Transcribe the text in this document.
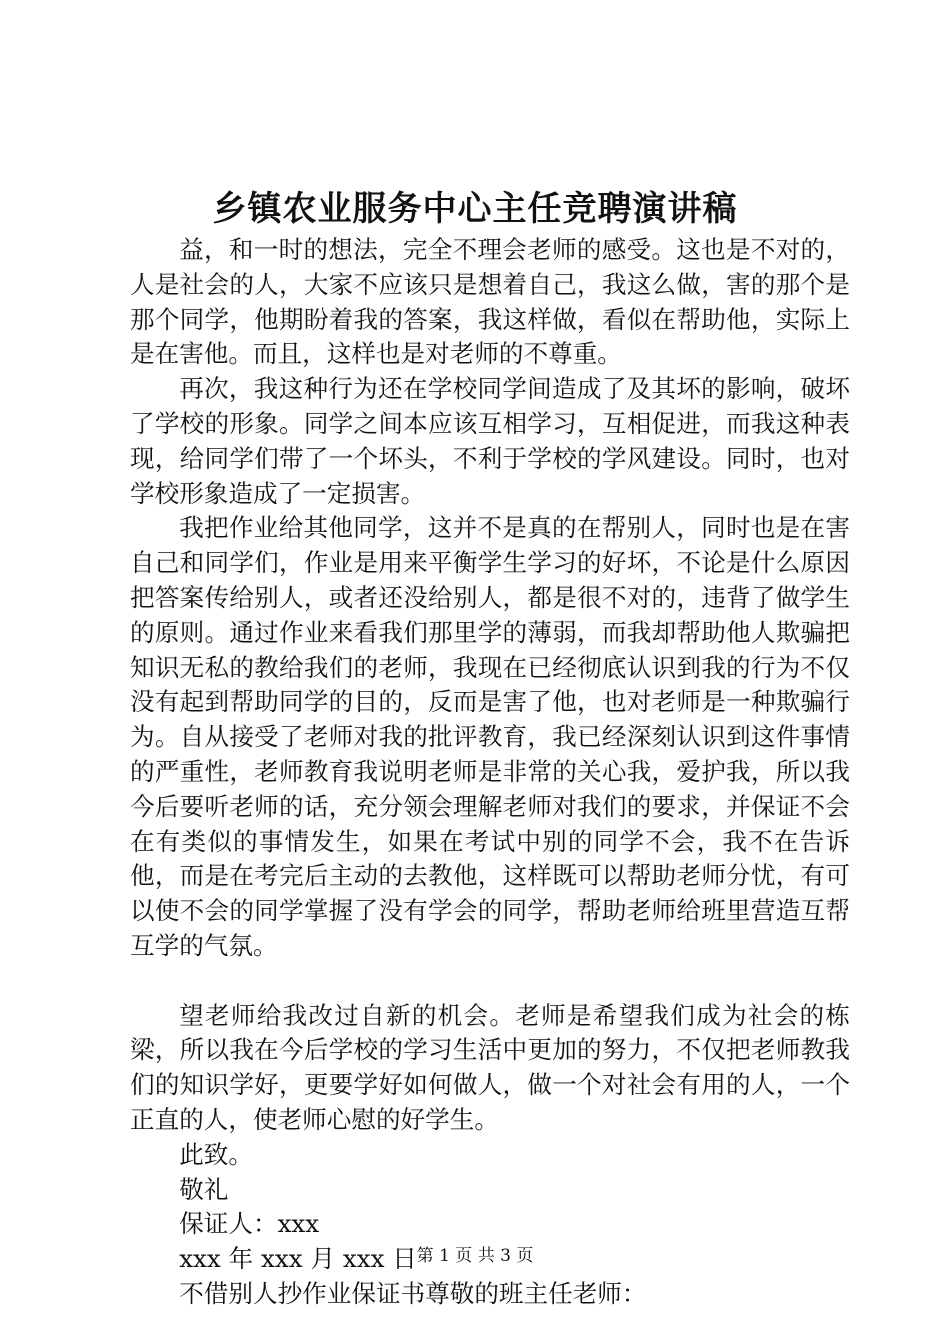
乡镇农业服务中心主任竞聘演讲稿

益，和一时的想法，完全不理会老师的感受。这也是不对的，人是社会的人，大家不应该只是想着自己，我这么做，害的那个是那个同学，他期盼着我的答案，我这样做，看似在帮助他，实际上是在害他。而且，这样也是对老师的不尊重。

再次，我这种行为还在学校同学间造成了及其坏的影响，破坏了学校的形象。同学之间本应该互相学习，互相促进，而我这种表现，给同学们带了一个坏头，不利于学校的学风建设。同时，也对学校形象造成了一定损害。

我把作业给其他同学，这并不是真的在帮别人，同时也是在害自己和同学们，作业是用来平衡学生学习的好坏，不论是什么原因把答案传给别人，或者还没给别人，都是很不对的，违背了做学生的原则。通过作业来看我们那里学的薄弱，而我却帮助他人欺骗把知识无私的教给我们的老师，我现在已经彻底认识到我的行为不仅没有起到帮助同学的目的，反而是害了他，也对老师是一种欺骗行为。自从接受了老师对我的批评教育，我已经深刻认识到这件事情的严重性，老师教育我说明老师是非常的关心我，爱护我，所以我今后要听老师的话，充分领会理解老师对我们的要求，并保证不会在有类似的事情发生，如果在考试中别的同学不会，我不在告诉他，而是在考完后主动的去教他，这样既可以帮助老师分忧，有可以使不会的同学掌握了没有学会的同学，帮助老师给班里营造互帮互学的气氛。

望老师给我改过自新的机会。老师是希望我们成为社会的栋梁，所以我在今后学校的学习生活中更加的努力，不仅把老师教我们的知识学好，更要学好如何做人，做一个对社会有用的人，一个正直的人，使老师心慰的好学生。

此致。
敬礼
保证人：xxx
xxx 年 xxx 月 xxx 日
不借别人抄作业保证书尊敬的班主任老师：
第 1 页 共 3 页
